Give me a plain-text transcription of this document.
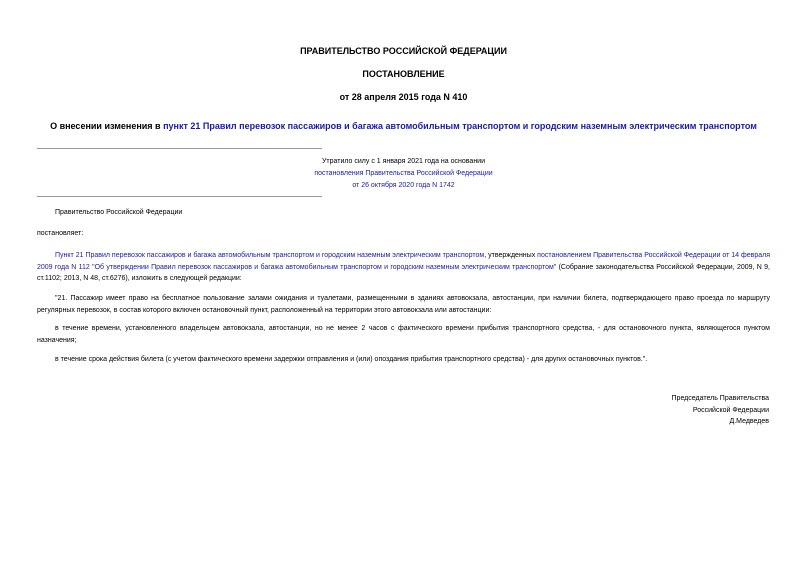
ПРАВИТЕЛЬСТВО РОССИЙСКОЙ ФЕДЕРАЦИИ
ПОСТАНОВЛЕНИЕ
от 28 апреля 2015 года N 410
О внесении изменения в пункт 21 Правил перевозок пассажиров и багажа автомобильным транспортом и городским наземным электрическим транспортом
Утратило силу с 1 января 2021 года на основании
постановления Правительства Российской Федерации
от 26 октября 2020 года N 1742
Правительство Российской Федерации
постановляет:
Пункт 21 Правил перевозок пассажиров и багажа автомобильным транспортом и городским наземным электрическим транспортом, утвержденных постановлением Правительства Российской Федерации от 14 февраля 2009 года N 112 "Об утверждении Правил перевозок пассажиров и багажа автомобильным транспортом и городским наземным электрическим транспортом" (Собрание законодательства Российской Федерации, 2009, N 9, ст.1102; 2013, N 48, ст.6276), изложить в следующей редакции:
"21. Пассажир имеет право на бесплатное пользование залами ожидания и туалетами, размещенными в зданиях автовокзала, автостанции, при наличии билета, подтверждающего право проезда по маршруту регулярных перевозок, в состав которого включен остановочный пункт, расположенный на территории этого автовокзала или автостанции:
в течение времени, установленного владельцем автовокзала, автостанции, но не менее 2 часов с фактического времени прибытия транспортного средства, - для остановочного пункта, являющегося пунктом назначения;
в течение срока действия билета (с учетом фактического времени задержки отправления и (или) опоздания прибытия транспортного средства) - для других остановочных пунктов.".
Председатель Правительства
Российской Федерации
Д.Медведев
